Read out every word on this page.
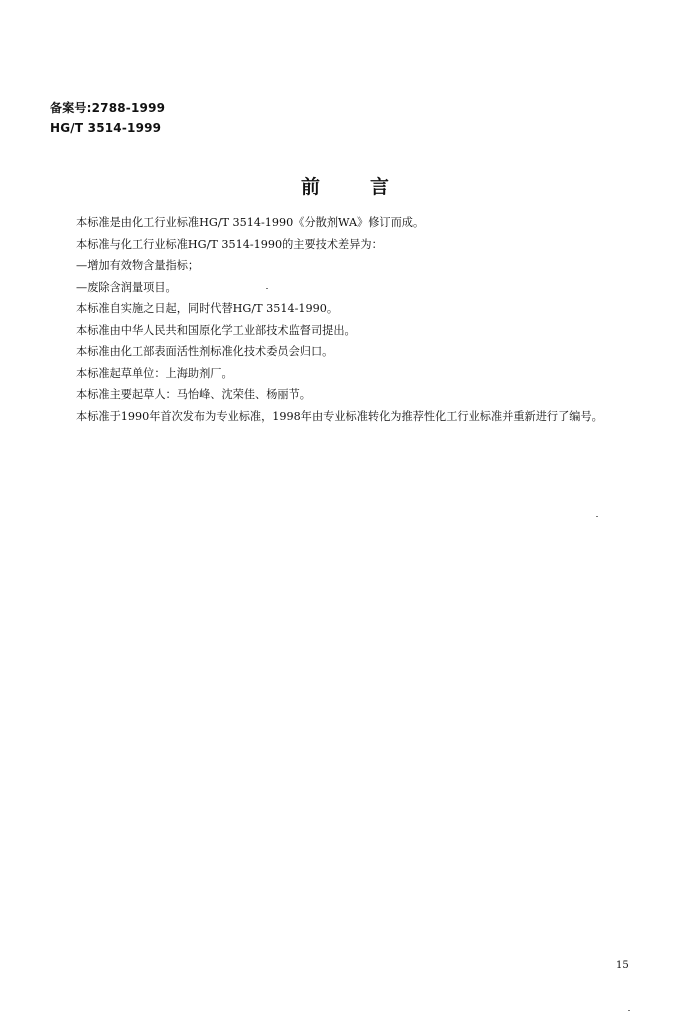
备案号:2788-1999
HG/T 3514-1999
前	言

本标准是由化工行业标准HG/T 3514-1990《分散剂WA》修订而成。

本标准与化工行业标准HG/T 3514-1990的主要技术差异为：

—增加有效物含量指标；

—废除含润量项目。

本标准自实施之日起，同时代替HG/T 3514-1990。

本标准由中华人民共和国原化学工业部技术监督司提出。

本标准由化工部表面活性剂标准化技术委员会归口。

本标准起草单位：上海助剂厂。

本标准主要起草人：马怡峰、沈荣佳、杨丽节。

本标准于1990年首次发布为专业标准，1998年由专业标准转化为推荐性化工行业标准并重新进行了编号。

15
